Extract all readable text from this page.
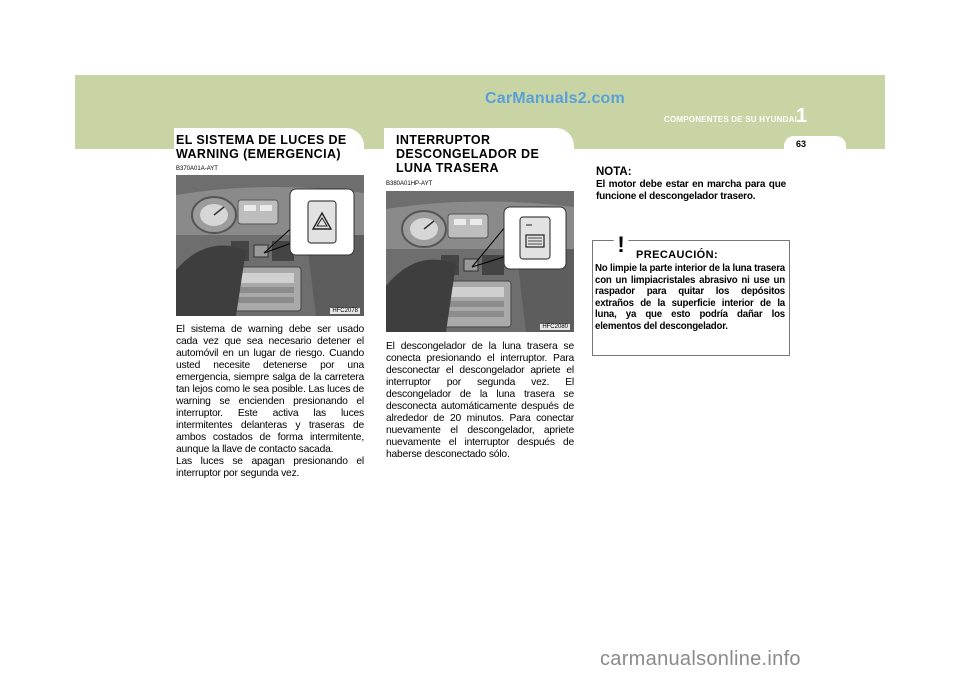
CarManuals2.com
COMPONENTES DE SU HYUNDAI 1
63
EL SISTEMA DE LUCES DE
WARNING (EMERGENCIA)
B370A01A-AYT
HFC2078

El sistema de warning debe ser usado cada vez que sea necesario detener el automóvil en un lugar de riesgo. Cuando usted necesite detenerse por una emergencia, siempre salga de la carretera tan lejos como le sea posible. Las luces de warning se encienden presionando el interruptor. Este activa las luces intermitentes delanteras y traseras de ambos costados de forma intermitente, aunque la llave de contacto sacada.

Las luces se apagan presionando el interruptor por segunda vez.

INTERRUPTOR
DESCONGELADOR DE
LUNA TRASERA
B380A01HP-AYT
HFC2080

El descongelador de la luna trasera se conecta presionando el interruptor. Para desconectar el descongelador apriete el interruptor por segunda vez. El descongelador de la luna trasera se desconecta automáticamente después de alrededor de 20 minutos. Para conectar nuevamente el descongelador, apriete nuevamente el interruptor después de haberse desconectado sólo.

NOTA:
El motor debe estar en marcha para que funcione el descongelador trasero.
! PRECAUCIÓN:
No limpie la parte interior de la luna trasera con un limpiacristales abrasivo ni use un raspador para quitar los depósitos extraños de la superficie interior de la luna, ya que esto podría dañar los elementos del descongelador.
carmanualsonline.info
